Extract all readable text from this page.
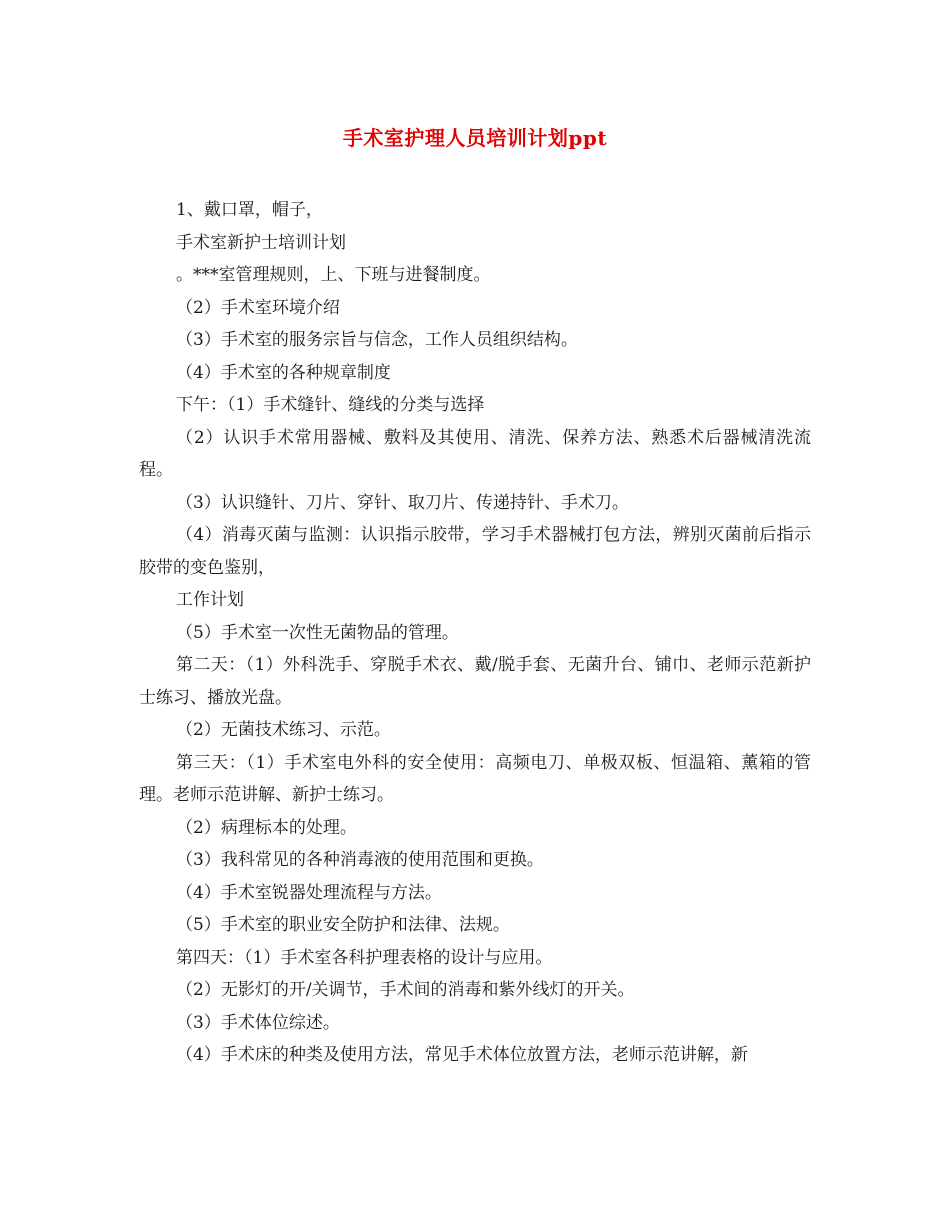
手术室护理人员培训计划ppt

1、戴口罩，帽子，

手术室新护士培训计划

。***室管理规则，上、下班与进餐制度。

（2）手术室环境介绍

（3）手术室的服务宗旨与信念，工作人员组织结构。

（4）手术室的各种规章制度

下午：（1）手术缝针、缝线的分类与选择

（2）认识手术常用器械、敷料及其使用、清洗、保养方法、熟悉术后器械清洗流程。

（3）认识缝针、刀片、穿针、取刀片、传递持针、手术刀。

（4）消毒灭菌与监测：认识指示胶带，学习手术器械打包方法，辨别灭菌前后指示胶带的变色鉴别，

工作计划

（5）手术室一次性无菌物品的管理。

第二天：（1）外科洗手、穿脱手术衣、戴/脱手套、无菌升台、铺巾、老师示范新护士练习、播放光盘。

（2）无菌技术练习、示范。

第三天：（1）手术室电外科的安全使用：高频电刀、单极双板、恒温箱、薰箱的管理。老师示范讲解、新护士练习。

（2）病理标本的处理。

（3）我科常见的各种消毒液的使用范围和更换。

（4）手术室锐器处理流程与方法。

（5）手术室的职业安全防护和法律、法规。

第四天：（1）手术室各科护理表格的设计与应用。

（2）无影灯的开/关调节，手术间的消毒和紫外线灯的开关。

（3）手术体位综述。

（4）手术床的种类及使用方法，常见手术体位放置方法，老师示范讲解，新
